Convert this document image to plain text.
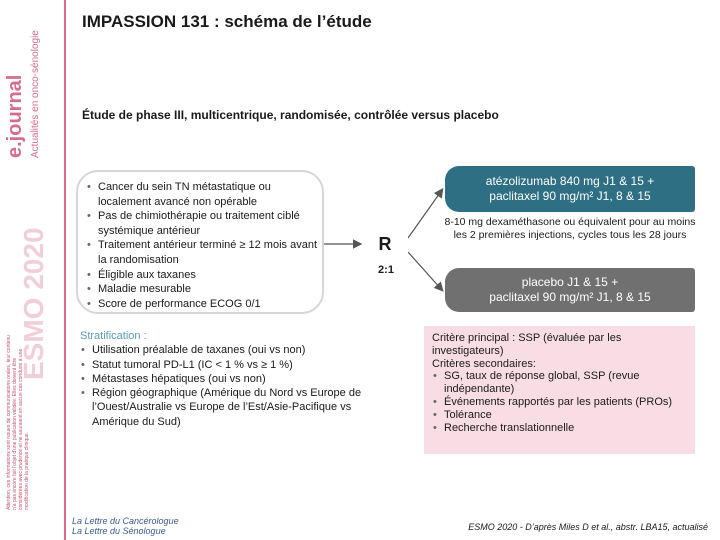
e.journal Actualités en onco-sénologie
ESMO 2020
Attention, ces informations sont issues de communications orales, leur contenu n'a pas encore fait l'objet d'une publication validée. Elles doivent être considérées avec prudence et ne sauraient en aucun cas conduire à une modification de la pratique clinique.
IMPASSION 131 : schéma de l’étude
Étude de phase III, multicentrique, randomisée, contrôlée versus placebo
• Cancer du sein TN métastatique ou localement avancé non opérable
• Pas de chimiothérapie ou traitement ciblé systémique antérieur
• Traitement antérieur terminé ≥ 12 mois avant la randomisation
• Éligible aux taxanes
• Maladie mesurable
• Score de performance ECOG 0/1
R
2:1
atézolizumab 840 mg J1 & 15 +
paclitaxel 90 mg/m² J1, 8 & 15
8-10 mg dexaméthasone ou équivalent pour au moins les 2 premières injections, cycles tous les 28 jours
placebo J1 & 15 +
paclitaxel 90 mg/m² J1, 8 & 15
Stratification :
• Utilisation préalable de taxanes (oui vs non)
• Statut tumoral PD-L1 (IC < 1 % vs ≥ 1 %)
• Métastases hépatiques (oui vs non)
• Région géographique (Amérique du Nord vs Europe de l’Ouest/Australie vs Europe de l’Est/Asie-Pacifique vs Amérique du Sud)
Critère principal : SSP (évaluée par les investigateurs)
Critères secondaires:
• SG, taux de réponse global, SSP (revue indépendante)
• Événements rapportés par les patients (PROs)
• Tolérance
• Recherche translationnelle
La Lettre du Cancérologue
La Lettre du Sénologue	ESMO 2020 - D’après Miles D et al., abstr. LBA15, actualisé
